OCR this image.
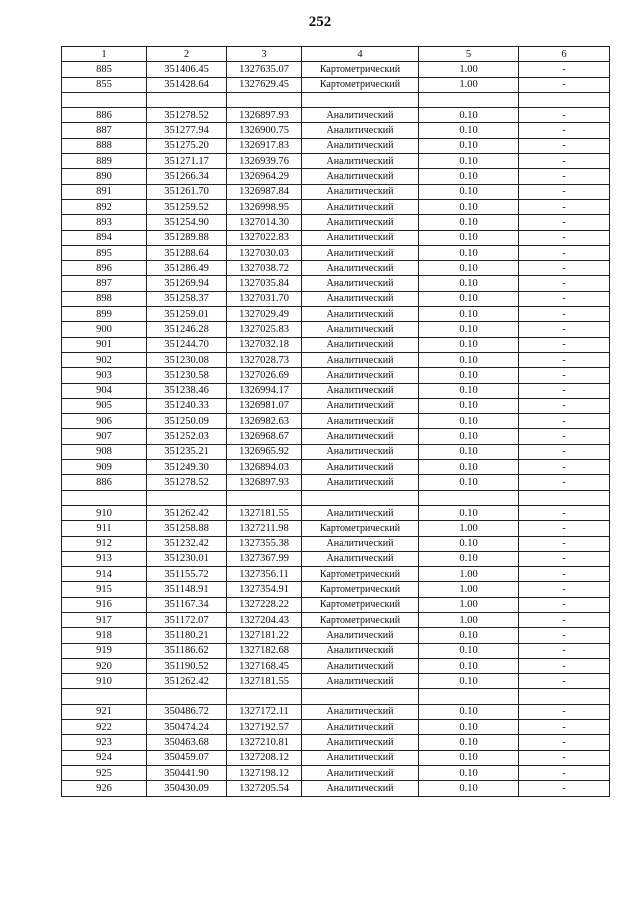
252
1	2	3	4	5	6
885	351406.45	1327635.07	Картометрический	1.00	-
855	351428.64	1327629.45	Картометрический	1.00	-

886	351278.52	1326897.93	Аналитический	0.10	-
887	351277.94	1326900.75	Аналитический	0.10	-
888	351275.20	1326917.83	Аналитический	0.10	-
889	351271.17	1326939.76	Аналитический	0.10	-
890	351266.34	1326964.29	Аналитический	0.10	-
891	351261.70	1326987.84	Аналитический	0.10	-
892	351259.52	1326998.95	Аналитический	0.10	-
893	351254.90	1327014.30	Аналитический	0.10	-
894	351289.88	1327022.83	Аналитический	0.10	-
895	351288.64	1327030.03	Аналитический	0.10	-
896	351286.49	1327038.72	Аналитический	0.10	-
897	351269.94	1327035.84	Аналитический	0.10	-
898	351258.37	1327031.70	Аналитический	0.10	-
899	351259.01	1327029.49	Аналитический	0.10	-
900	351246.28	1327025.83	Аналитический	0.10	-
901	351244.70	1327032.18	Аналитический	0.10	-
902	351230.08	1327028.73	Аналитический	0.10	-
903	351230.58	1327026.69	Аналитический	0.10	-
904	351238.46	1326994.17	Аналитический	0.10	-
905	351240.33	1326981.07	Аналитический	0.10	-
906	351250.09	1326982.63	Аналитический	0.10	-
907	351252.03	1326968.67	Аналитический	0.10	-
908	351235.21	1326965.92	Аналитический	0.10	-
909	351249.30	1326894.03	Аналитический	0.10	-
886	351278.52	1326897.93	Аналитический	0.10	-

910	351262.42	1327181.55	Аналитический	0.10	-
911	351258.88	1327211.98	Картометрический	1.00	-
912	351232.42	1327355.38	Аналитический	0.10	-
913	351230.01	1327367.99	Аналитический	0.10	-
914	351155.72	1327356.11	Картометрический	1.00	-
915	351148.91	1327354.91	Картометрический	1.00	-
916	351167.34	1327228.22	Картометрический	1.00	-
917	351172.07	1327204.43	Картометрический	1.00	-
918	351180.21	1327181.22	Аналитический	0.10	-
919	351186.62	1327182.68	Аналитический	0.10	-
920	351190.52	1327168.45	Аналитический	0.10	-
910	351262.42	1327181.55	Аналитический	0.10	-

921	350486.72	1327172.11	Аналитический	0.10	-
922	350474.24	1327192.57	Аналитический	0.10	-
923	350463.68	1327210.81	Аналитический	0.10	-
924	350459.07	1327208.12	Аналитический	0.10	-
925	350441.90	1327198.12	Аналитический	0.10	-
926	350430.09	1327205.54	Аналитический	0.10	-
